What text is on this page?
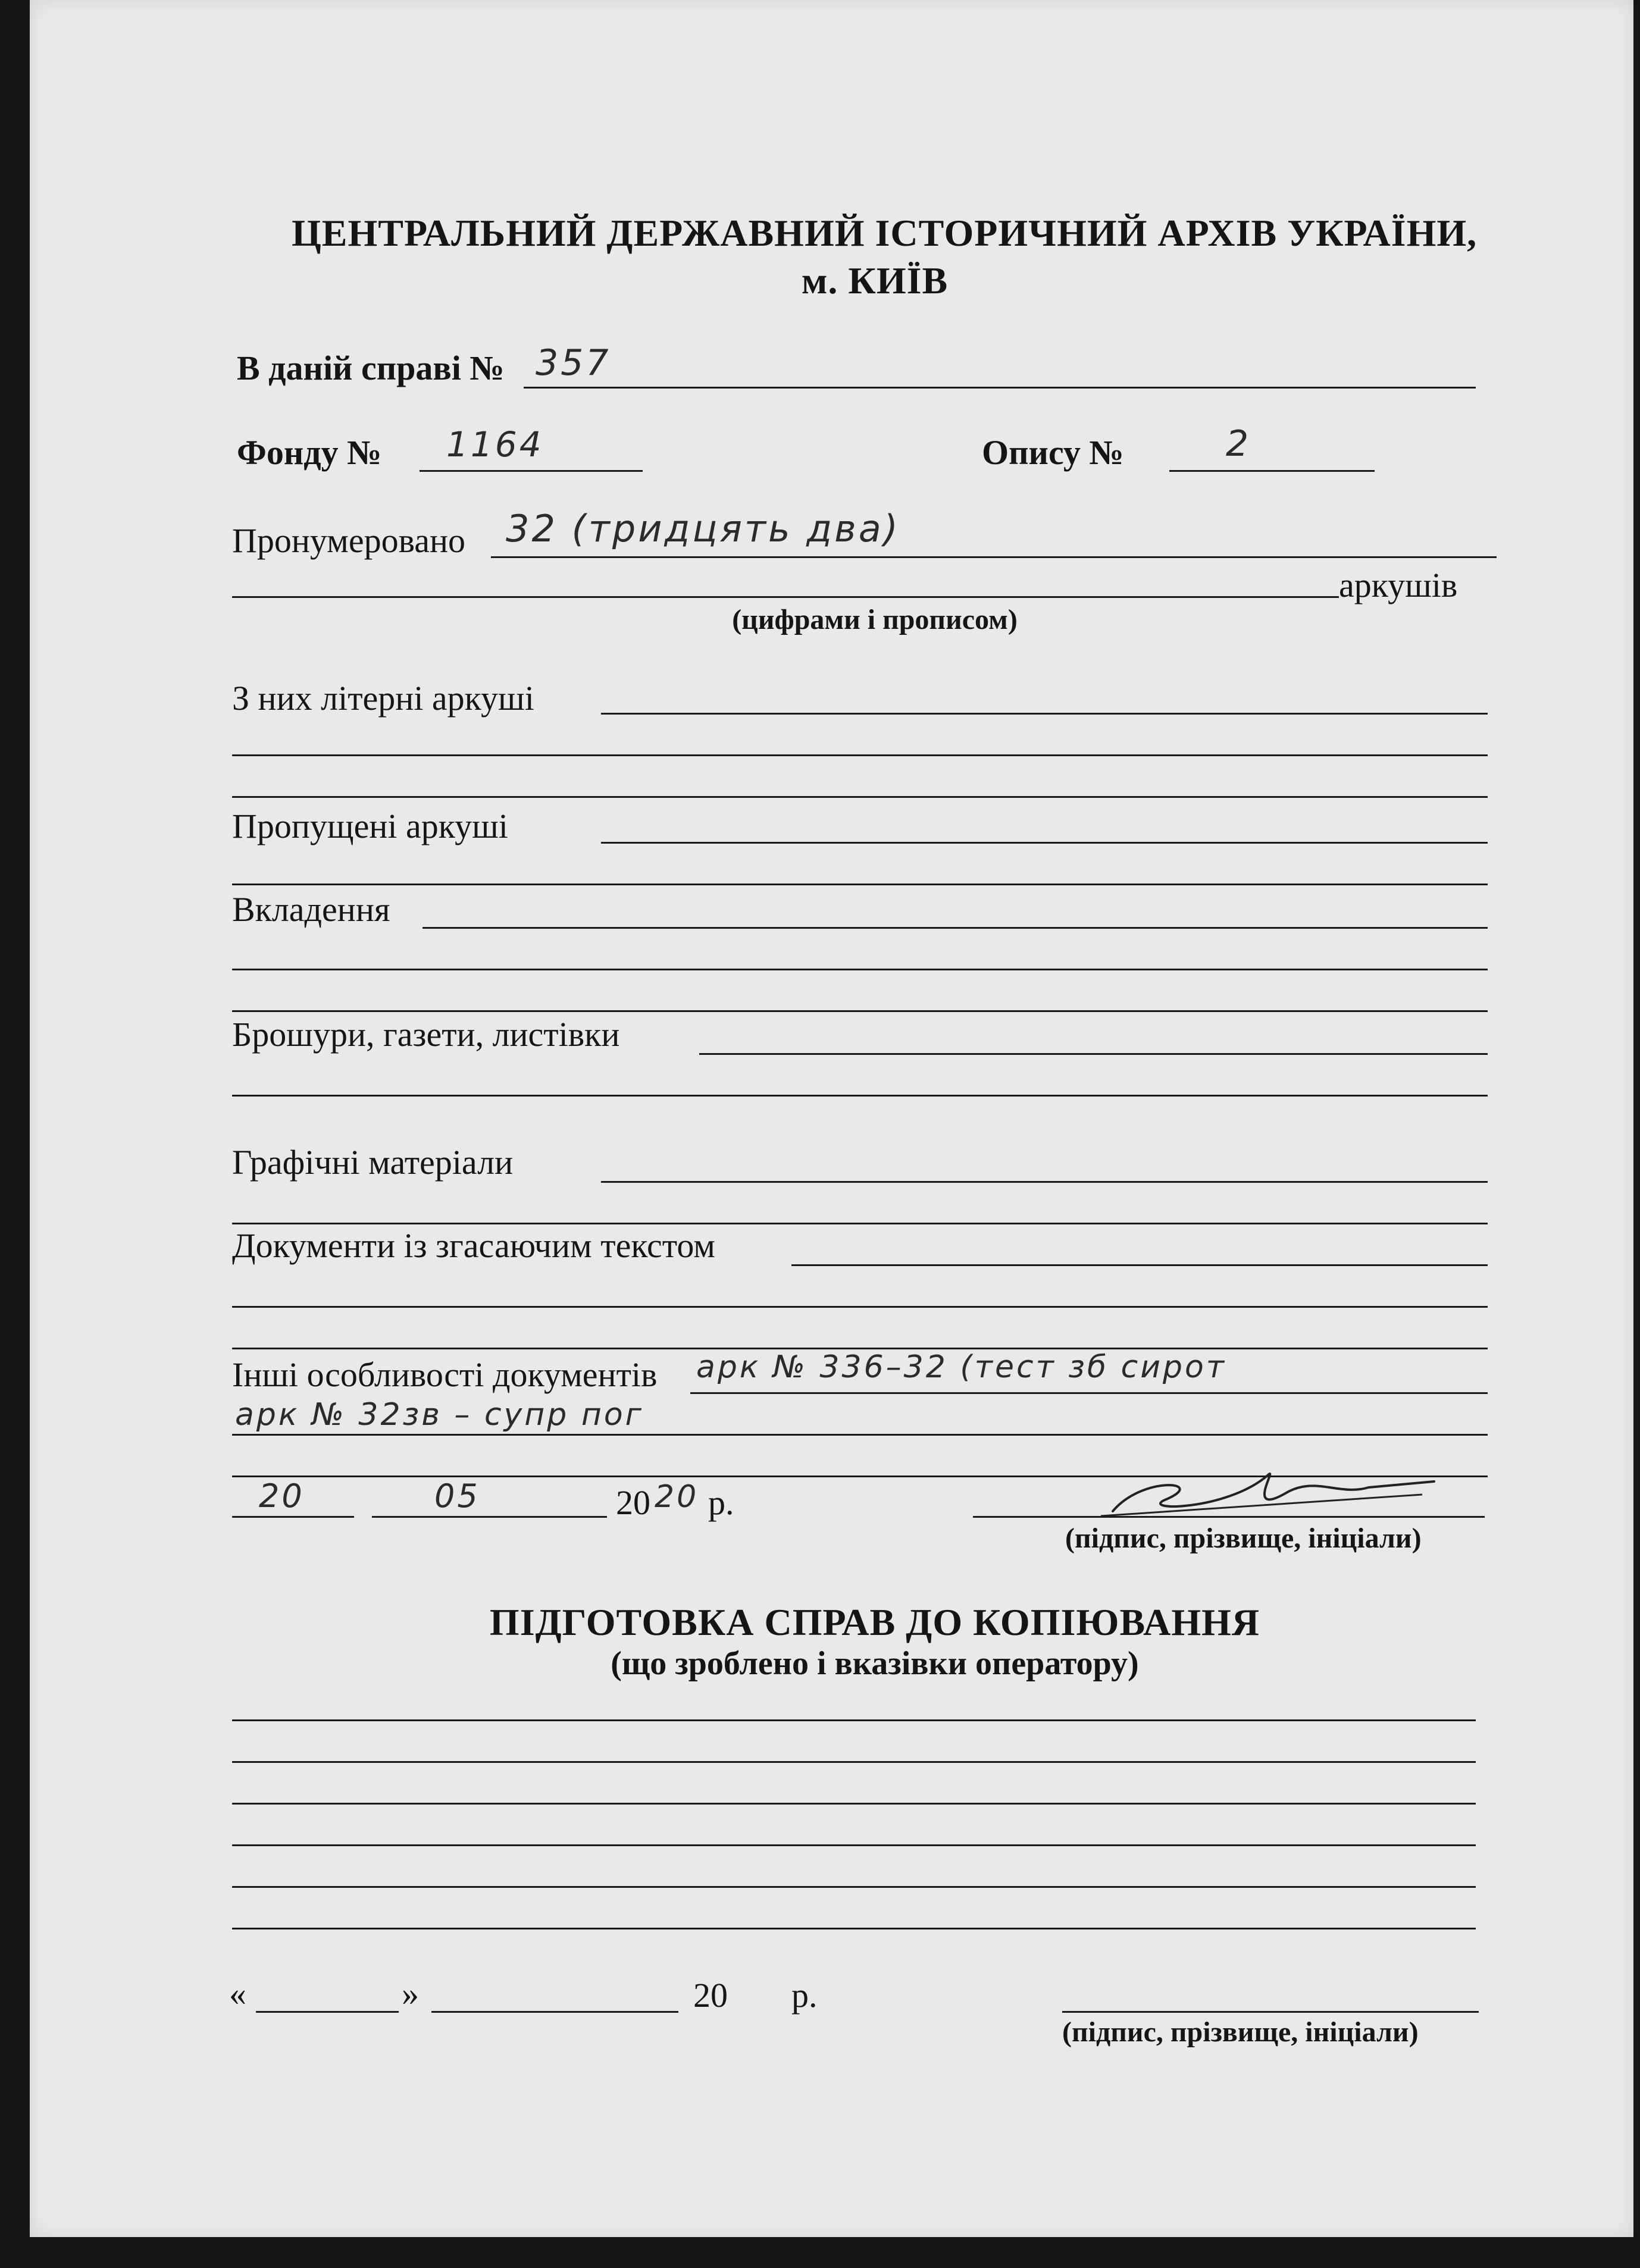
ЦЕНТРАЛЬНИЙ ДЕРЖАВНИЙ ІСТОРИЧНИЙ АРХІВ УКРАЇНИ,
м. КИЇВ
В даній справі № 357
Фонду № 1164	Опису №	2
Пронумеровано 32 (тридцять два)
аркушів
(цифрами і прописом)
З них літерні аркуші
Пропущені аркуші
Вкладення
Брошури, газети, листівки
Графічні матеріали
Документи із згасаючим текстом
Інші особливості документів арк № 336–32 (тест зб сирот
арк № 32зв – супр пог
20	05	20 20 р.
(підпис, прізвище, ініціали)
ПІДГОТОВКА СПРАВ ДО КОПІЮВАННЯ
(що зроблено і вказівки оператору)
«	»	20 р.
(підпис, прізвище, ініціали)
